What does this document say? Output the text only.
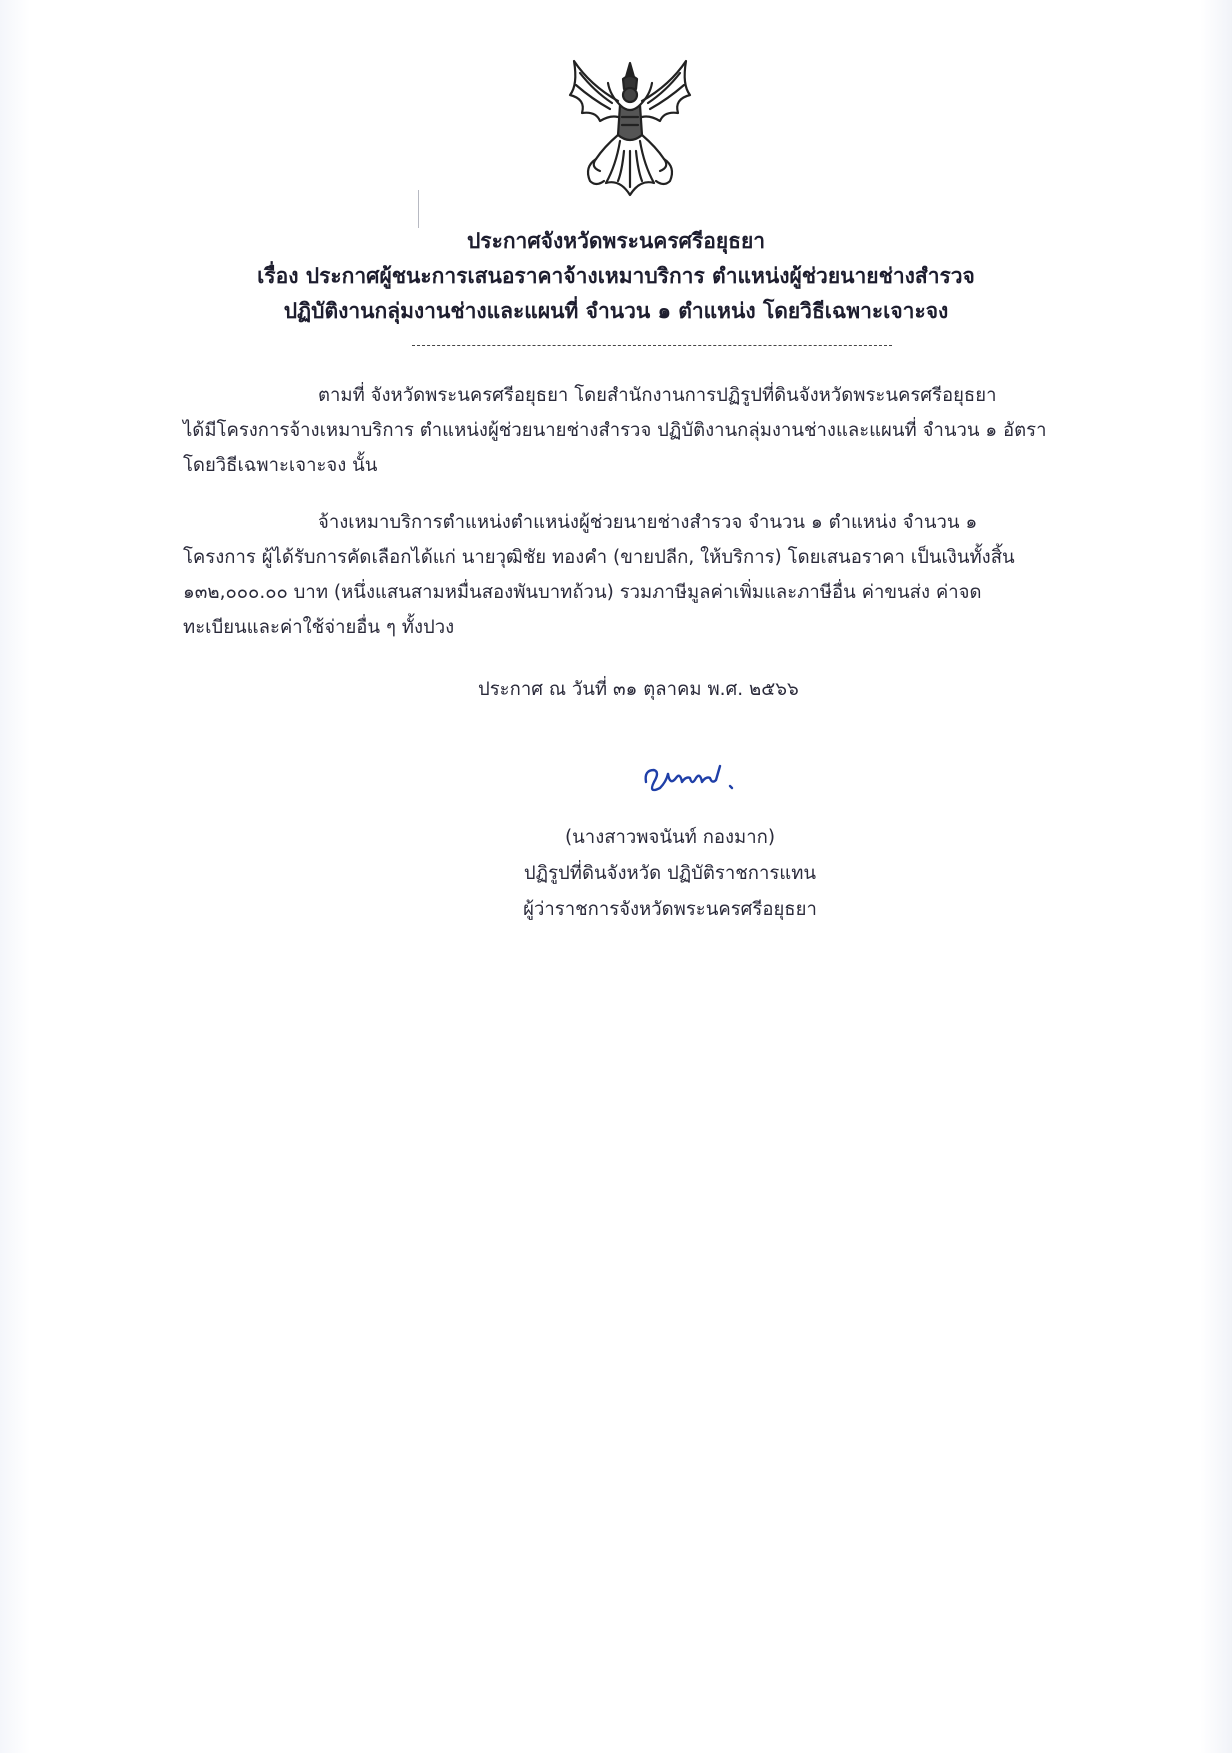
ประกาศจังหวัดพระนครศรีอยุธยา
เรื่อง ประกาศผู้ชนะการเสนอราคาจ้างเหมาบริการ ตำแหน่งผู้ช่วยนายช่างสำรวจ
ปฏิบัติงานกลุ่มงานช่างและแผนที่ จำนวน ๑ ตำแหน่ง โดยวิธีเฉพาะเจาะจง
ตามที่ จังหวัดพระนครศรีอยุธยา โดยสำนักงานการปฏิรูปที่ดินจังหวัดพระนครศรีอยุธยา
ได้มีโครงการจ้างเหมาบริการ ตำแหน่งผู้ช่วยนายช่างสำรวจ ปฏิบัติงานกลุ่มงานช่างและแผนที่ จำนวน ๑ อัตรา
โดยวิธีเฉพาะเจาะจง นั้น
จ้างเหมาบริการตำแหน่งตำแหน่งผู้ช่วยนายช่างสำรวจ จำนวน ๑ ตำแหน่ง จำนวน ๑
โครงการ ผู้ได้รับการคัดเลือกได้แก่ นายวุฒิชัย ทองคำ (ขายปลีก, ให้บริการ) โดยเสนอราคา เป็นเงินทั้งสิ้น
๑๓๒,๐๐๐.๐๐ บาท (หนึ่งแสนสามหมื่นสองพันบาทถ้วน) รวมภาษีมูลค่าเพิ่มและภาษีอื่น ค่าขนส่ง ค่าจด
ทะเบียนและค่าใช้จ่ายอื่น ๆ ทั้งปวง
ประกาศ ณ วันที่ ๓๑ ตุลาคม พ.ศ. ๒๕๖๖
(นางสาวพจนันท์ กองมาก)
ปฏิรูปที่ดินจังหวัด ปฏิบัติราชการแทน
ผู้ว่าราชการจังหวัดพระนครศรีอยุธยา
